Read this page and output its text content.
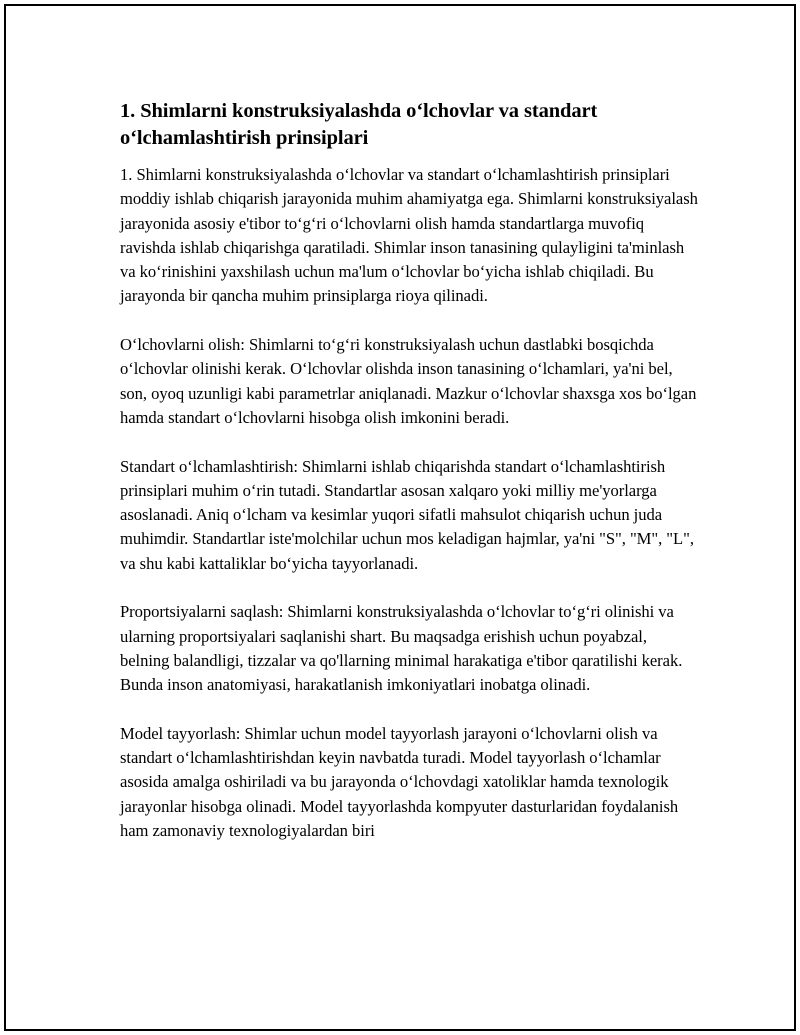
1. Shimlarni konstruksiyalashda o‘lchovlar va standart o‘lchamlashtirish prinsiplari

1. Shimlarni konstruksiyalashda o‘lchovlar va standart o‘lchamlashtirish prinsiplari moddiy ishlab chiqarish jarayonida muhim ahamiyatga ega. Shimlarni konstruksiyalash jarayonida asosiy e'tibor to‘g‘ri o‘lchovlarni olish hamda standartlarga muvofiq ravishda ishlab chiqarishga qaratiladi. Shimlar inson tanasining qulayligini ta'minlash va ko‘rinishini yaxshilash uchun ma'lum o‘lchovlar bo‘yicha ishlab chiqiladi. Bu jarayonda bir qancha muhim prinsiplarga rioya qilinadi.

O‘lchovlarni olish: Shimlarni to‘g‘ri konstruksiyalash uchun dastlabki bosqichda o‘lchovlar olinishi kerak. O‘lchovlar olishda inson tanasining o‘lchamlari, ya'ni bel, son, oyoq uzunligi kabi parametrlar aniqlanadi. Mazkur o‘lchovlar shaxsga xos bo‘lgan hamda standart o‘lchovlarni hisobga olish imkonini beradi.

Standart o‘lchamlashtirish: Shimlarni ishlab chiqarishda standart o‘lchamlashtirish prinsiplari muhim o‘rin tutadi. Standartlar asosan xalqaro yoki milliy me'yorlarga asoslanadi. Aniq o‘lcham va kesimlar yuqori sifatli mahsulot chiqarish uchun juda muhimdir. Standartlar iste'molchilar uchun mos keladigan hajmlar, ya'ni "S", "M", "L", va shu kabi kattaliklar bo‘yicha tayyorlanadi.

Proportsiyalarni saqlash: Shimlarni konstruksiyalashda o‘lchovlar to‘g‘ri olinishi va ularning proportsiyalari saqlanishi shart. Bu maqsadga erishish uchun poyabzal, belning balandligi, tizzalar va qo'llarning minimal harakatiga e'tibor qaratilishi kerak. Bunda inson anatomiyasi, harakatlanish imkoniyatlari inobatga olinadi.

Model tayyorlash: Shimlar uchun model tayyorlash jarayoni o‘lchovlarni olish va standart o‘lchamlashtirishdan keyin navbatda turadi. Model tayyorlash o‘lchamlar asosida amalga oshiriladi va bu jarayonda o‘lchovdagi xatoliklar hamda texnologik jarayonlar hisobga olinadi. Model tayyorlashda kompyuter dasturlaridan foydalanish ham zamonaviy texnologiyalardan biri
